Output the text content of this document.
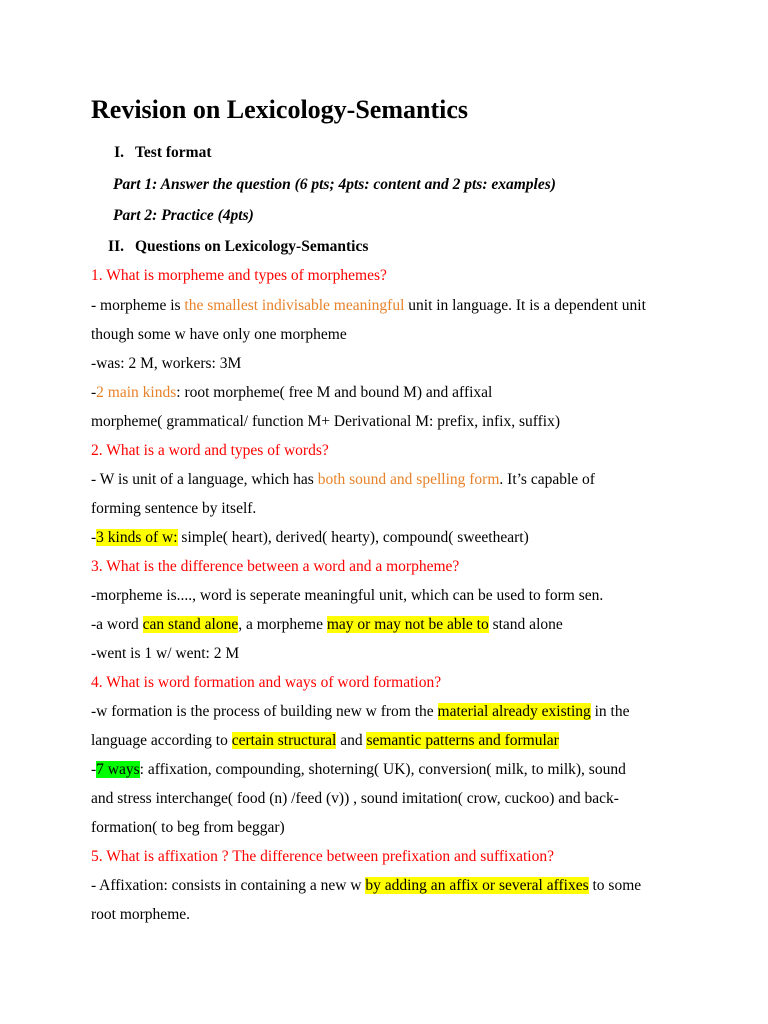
Revision on Lexicology-Semantics
I. Test format
Part 1: Answer the question (6 pts; 4pts: content and 2 pts: examples)
Part 2: Practice (4pts)
II. Questions on Lexicology-Semantics
1. What is morpheme and types of morphemes?
- morpheme is the smallest indivisable meaningful unit in language. It is a dependent unit
though some w have only one morpheme
-was: 2 M, workers: 3M
-2 main kinds: root morpheme( free M and bound M) and affixal
morpheme( grammatical/ function M+ Derivational M: prefix, infix, suffix)
2. What is a word and types of words?
- W is unit of a language, which has both sound and spelling form. It’s capable of
forming sentence by itself.
-3 kinds of w: simple( heart), derived( hearty), compound( sweetheart)
3. What is the difference between a word and a morpheme?
-morpheme is...., word is seperate meaningful unit, which can be used to form sen.
-a word can stand alone, a morpheme may or may not be able to stand alone
-went is 1 w/ went: 2 M
4. What is word formation and ways of word formation?
-w formation is the process of building new w from the material already existing in the
language according to certain structural and semantic patterns and formular
-7 ways: affixation, compounding, shoterning( UK), conversion( milk, to milk), sound
and stress interchange( food (n) /feed (v)) , sound imitation( crow, cuckoo) and back-
formation( to beg from beggar)
5. What is affixation ? The difference between prefixation and suffixation?
- Affixation: consists in containing a new w by adding an affix or several affixes to some
root morpheme.
